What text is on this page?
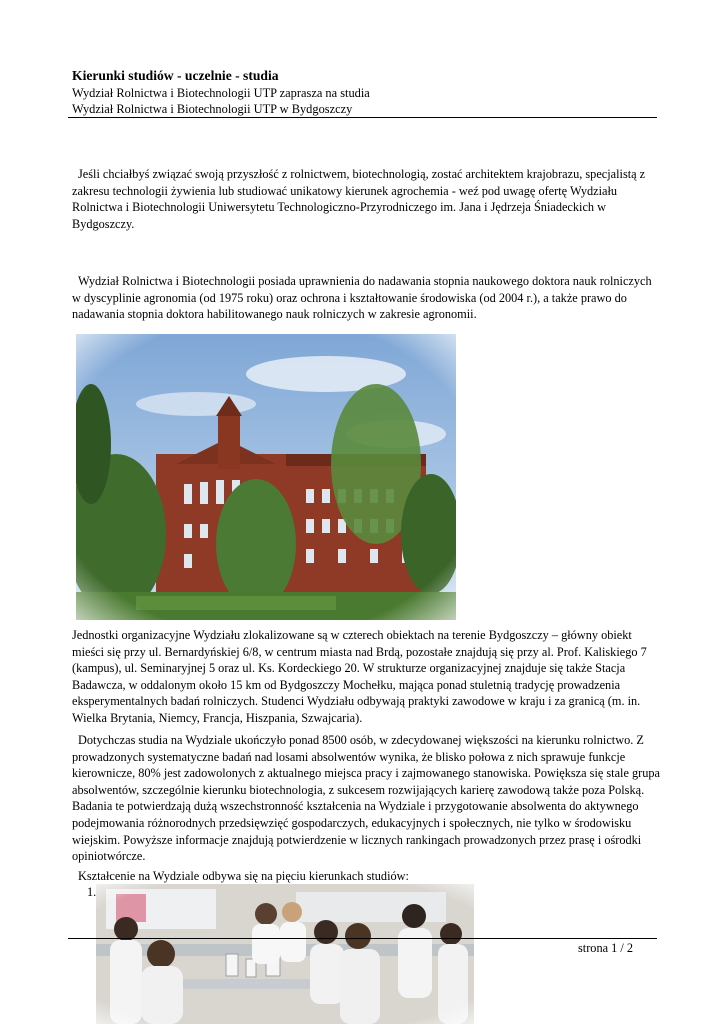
Kierunki studiów - uczelnie - studia

Wydział Rolnictwa i Biotechnologii UTP zaprasza na studia

Wydział Rolnictwa i Biotechnologii UTP w Bydgoszczy

Jeśli chciałbyś związać swoją przyszłość z rolnictwem, biotechnologią, zostać architektem krajobrazu, specjalistą z zakresu technologii żywienia lub studiować unikatowy kierunek agrochemia - weź pod uwagę ofertę Wydziału Rolnictwa i Biotechnologii Uniwersytetu Technologiczno-Przyrodniczego im. Jana i Jędrzeja Śniadeckich w Bydgoszczy.

Wydział Rolnictwa i Biotechnologii posiada uprawnienia do nadawania stopnia naukowego doktora nauk rolniczych w dyscyplinie agronomia (od 1975 roku) oraz ochrona i kształtowanie środowiska (od 2004 r.), a także prawo do nadawania stopnia doktora habilitowanego nauk rolniczych w zakresie agronomii.

Jednostki organizacyjne Wydziału zlokalizowane są w czterech obiektach na terenie Bydgoszczy – główny obiekt mieści się przy ul. Bernardyńskiej 6/8, w centrum miasta nad Brdą, pozostałe znajdują się przy al. Prof. Kaliskiego 7 (kampus), ul. Seminaryjnej 5 oraz ul. Ks. Kordeckiego 20. W strukturze organizacyjnej znajduje się także Stacja Badawcza, w oddalonym około 15 km od Bydgoszczy Mochełku, mająca ponad stuletnią tradycję prowadzenia eksperymentalnych badań rolniczych. Studenci Wydziału odbywają praktyki zawodowe w kraju i za granicą (m. in. Wielka Brytania, Niemcy, Francja, Hiszpania, Szwajcaria).

Dotychczas studia na Wydziale ukończyło ponad 8500 osób, w zdecydowanej większości na kierunku rolnictwo. Z prowadzonych systematyczne badań nad losami absolwentów wynika, że blisko połowa z nich sprawuje funkcje kierownicze, 80% jest zadowolonych z aktualnego miejsca pracy i zajmowanego stanowiska. Powiększa się stale grupa absolwentów, szczególnie kierunku biotechnologia, z sukcesem rozwijających karierę zawodową także poza Polską. Badania te potwierdzają dużą wszechstronność kształcenia na Wydziale i przygotowanie absolwenta do aktywnego podejmowania różnorodnych przedsięwzięć gospodarczych, edukacyjnych i społecznych, nie tylko w środowisku wiejskim. Powyższe informacje znajdują potwierdzenie w licznych rankingach prowadzonych przez prasę i ośrodki opiniotwórcze.

Kształcenie na Wydziale odbywa się na pięciu kierunkach studiów:

1.
strona 1 / 2
